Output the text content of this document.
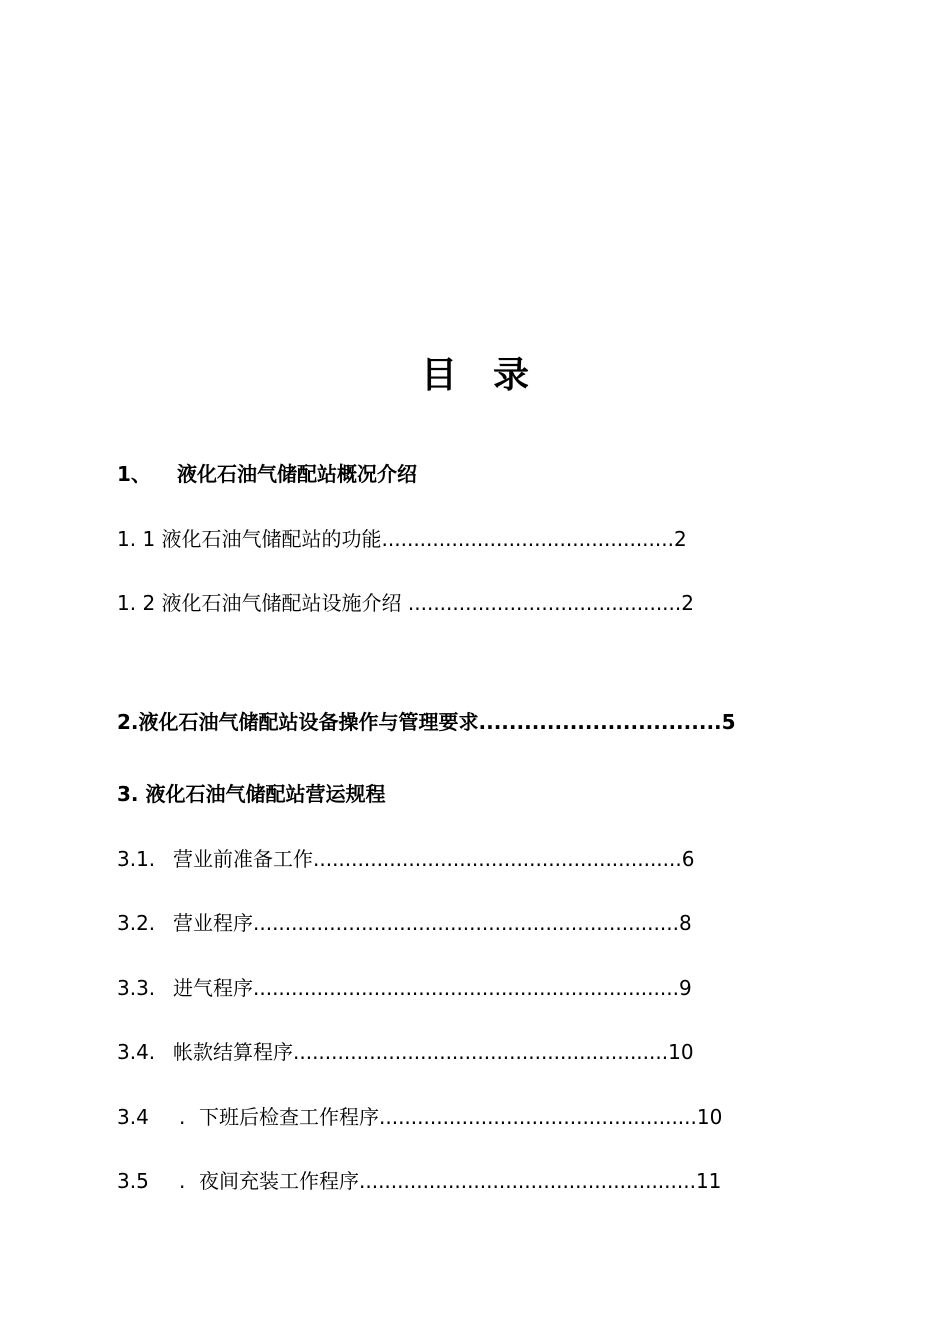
目录
1、 液化石油气储配站概况介绍
1. 1 液化石油气储配站的功能..............................................2
1. 2 液化石油气储配站设施介绍 ...........................................2
2.液化石油气储配站设备操作与管理要求................................5
3. 液化石油气储配站营运规程
3.1. 营业前准备工作..........................................................6
3.2. 营业程序...................................................................8
3.3. 进气程序...................................................................9
3.4. 帐款结算程序...........................................................10
3.4 . 下班后检查工作程序..................................................10
3.5 . 夜间充装工作程序.....................................................11
